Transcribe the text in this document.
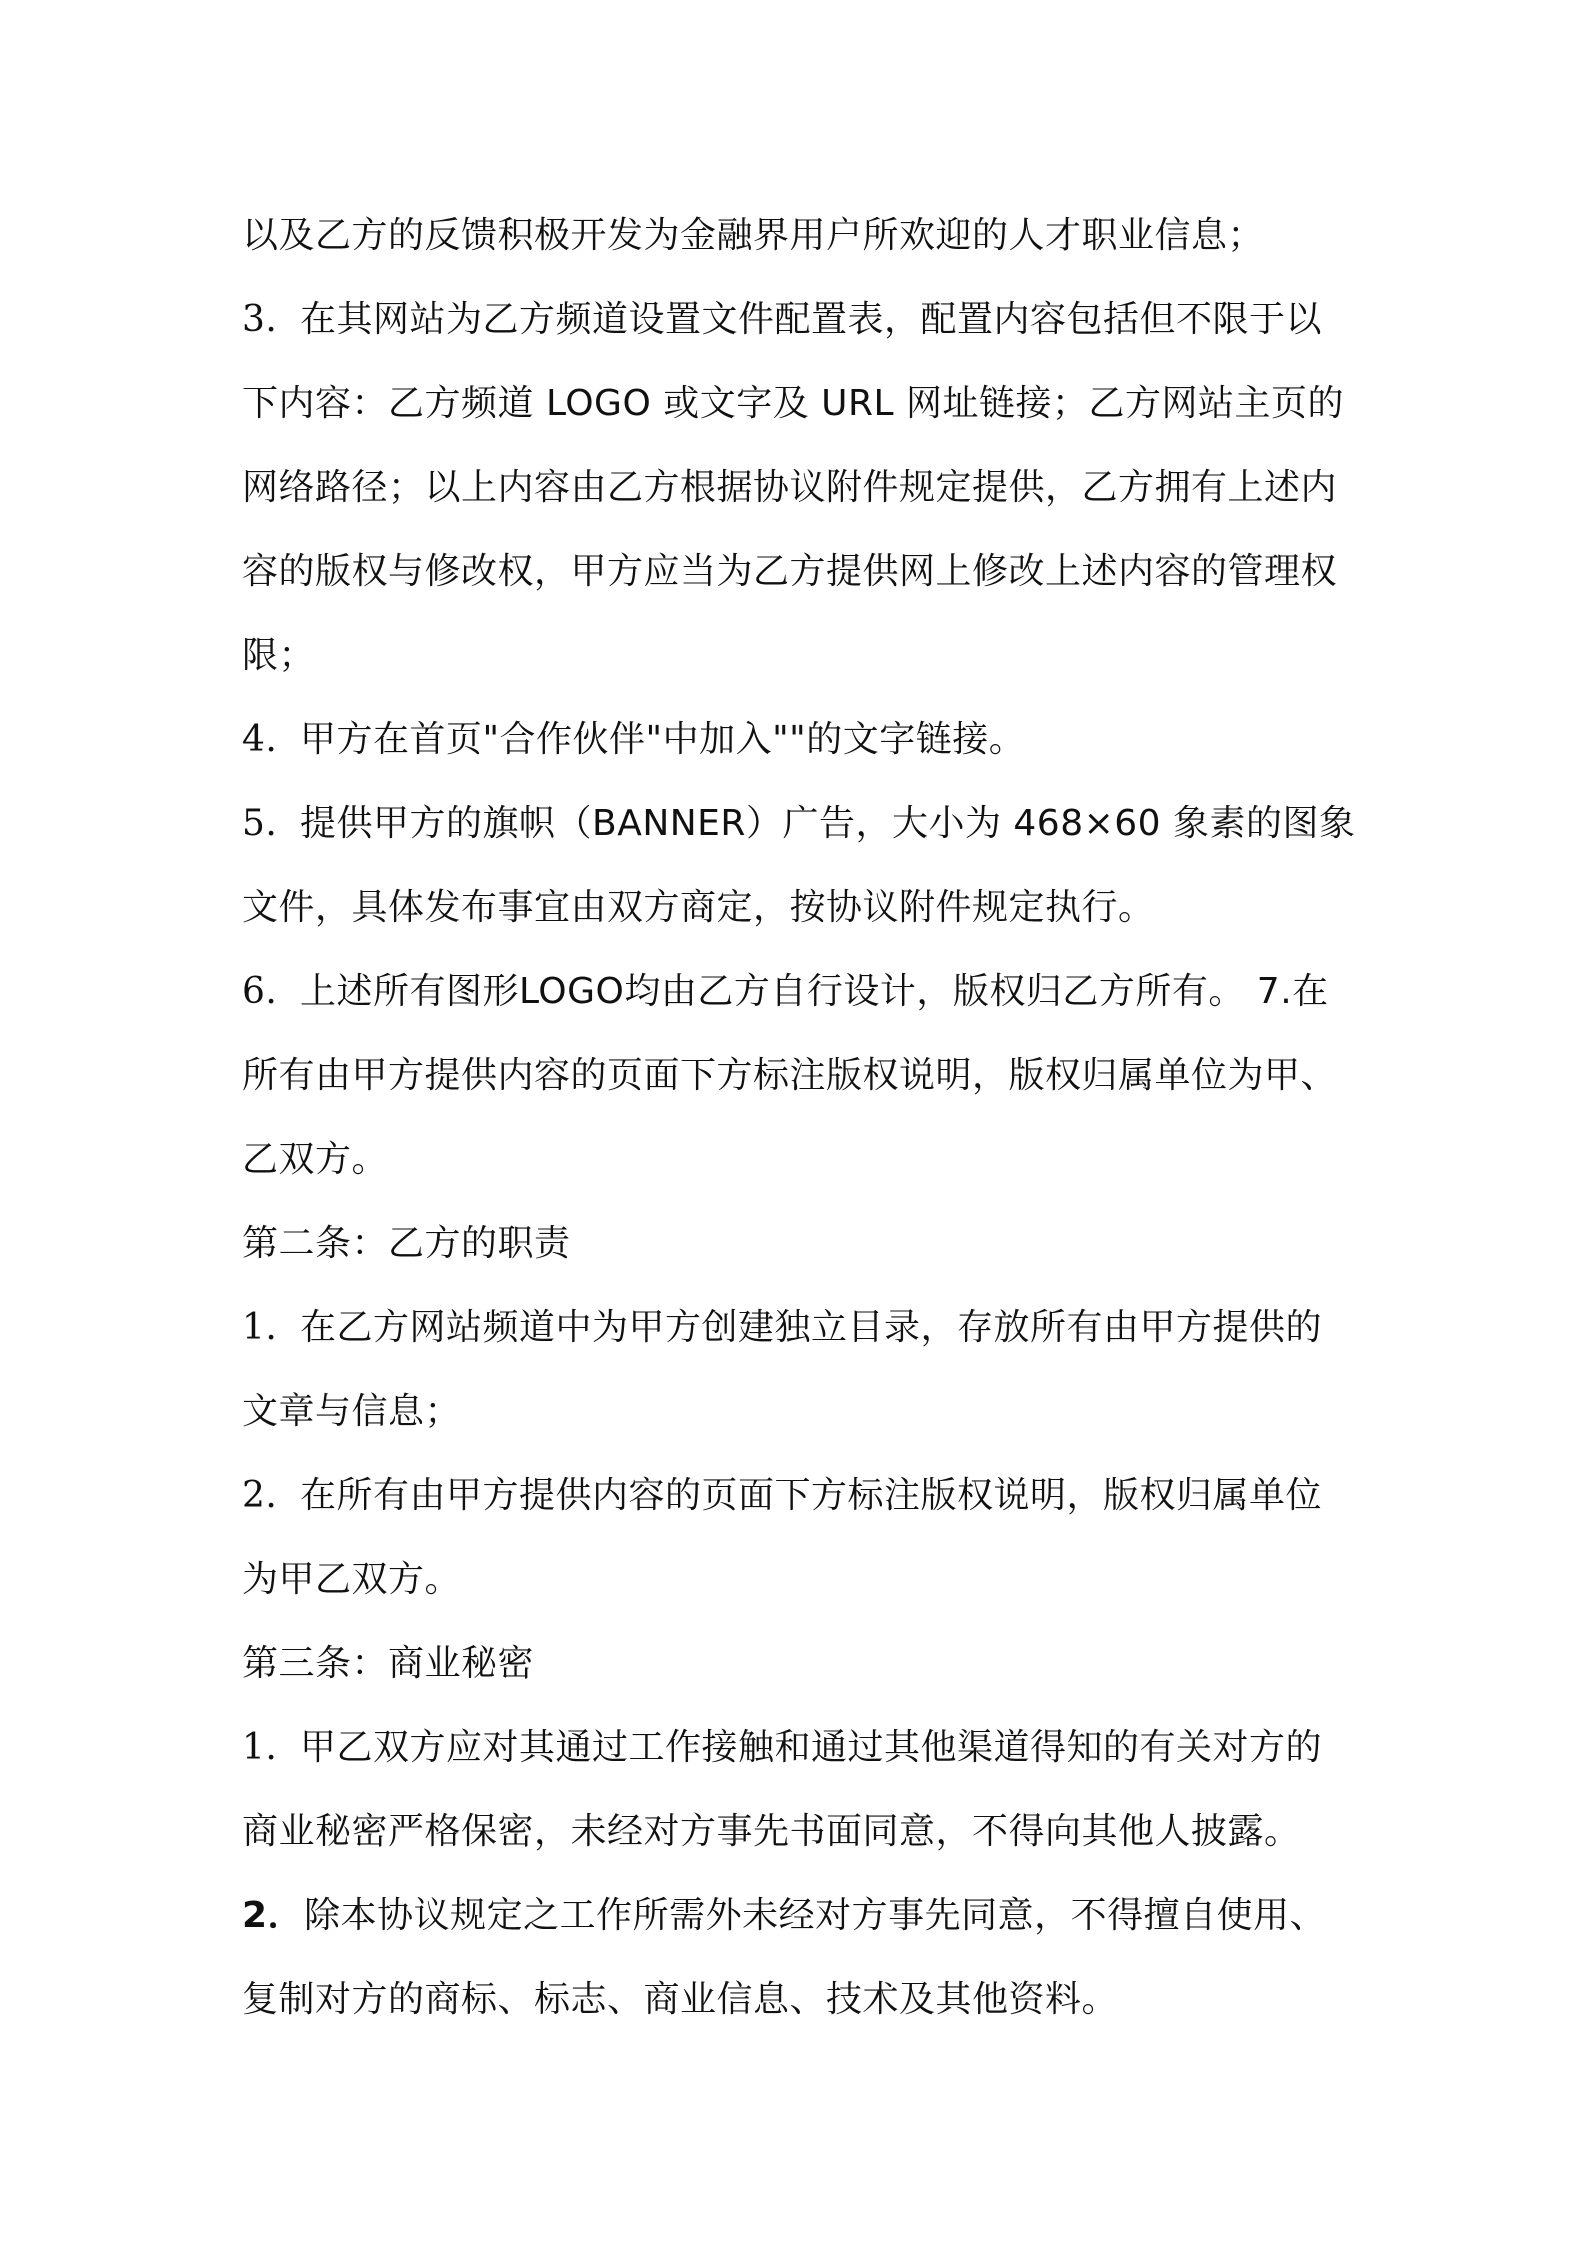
以及乙方的反馈积极开发为金融界用户所欢迎的人才职业信息；
3. 在其网站为乙方频道设置文件配置表，配置内容包括但不限于以
下内容：乙方频道 LOGO 或文字及 URL 网址链接；乙方网站主页的
网络路径；以上内容由乙方根据协议附件规定提供，乙方拥有上述内
容的版权与修改权，甲方应当为乙方提供网上修改上述内容的管理权
限；
4. 甲方在首页"合作伙伴"中加入""的文字链接。
5. 提供甲方的旗帜（BANNER）广告，大小为 468×60 象素的图象
文件，具体发布事宜由双方商定，按协议附件规定执行。
6. 上述所有图形LOGO均由乙方自行设计，版权归乙方所有。 7.在
所有由甲方提供内容的页面下方标注版权说明，版权归属单位为甲、
乙双方。
第二条：乙方的职责
1. 在乙方网站频道中为甲方创建独立目录，存放所有由甲方提供的
文章与信息；
2. 在所有由甲方提供内容的页面下方标注版权说明，版权归属单位
为甲乙双方。
第三条：商业秘密
1. 甲乙双方应对其通过工作接触和通过其他渠道得知的有关对方的
商业秘密严格保密，未经对方事先书面同意，不得向其他人披露。
2．除本协议规定之工作所需外未经对方事先同意，不得擅自使用、
复制对方的商标、标志、商业信息、技术及其他资料。
